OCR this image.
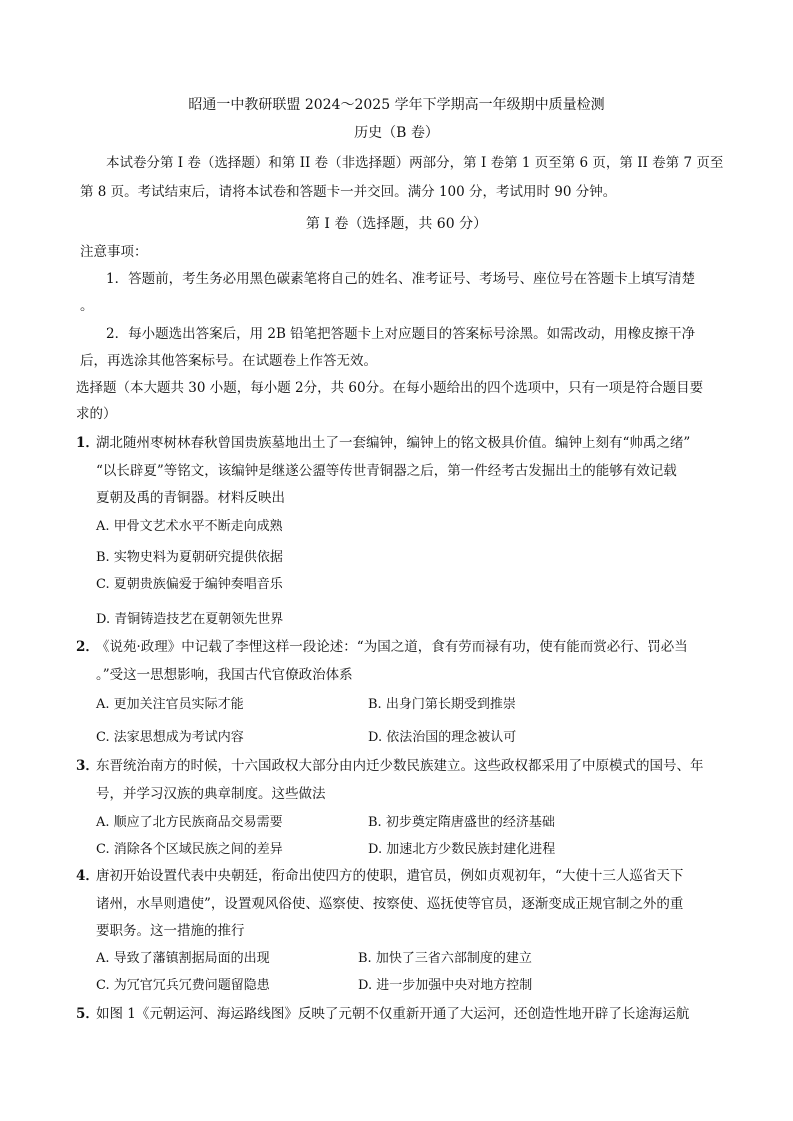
昭通一中教研联盟 2024～2025 学年下学期高一年级期中质量检测
历史（B 卷）
本试卷分第 I 卷（选择题）和第 II 卷（非选择题）两部分，第 I 卷第 1 页至第 6 页，第 II 卷第 7 页至
第 8 页。考试结束后，请将本试卷和答题卡一并交回。满分 100 分，考试用时 90 分钟。
第 I 卷（选择题，共 60 分）
注意事项：
1．答题前，考生务必用黑色碳素笔将自己的姓名、准考证号、考场号、座位号在答题卡上填写清楚
。
2．每小题选出答案后，用 2B 铅笔把答题卡上对应题目的答案标号涂黑。如需改动，用橡皮擦干净
后，再选涂其他答案标号。在试题卷上作答无效。
选择题（本大题共 30 小题，每小题 2分，共 60分。在每小题给出的四个选项中，只有一项是符合题目要
求的）
1．
湖北随州枣树林春秋曾国贵族墓地出土了一套编钟，编钟上的铭文极具价值。编钟上刻有“帅禹之绪”
“以长辟夏”等铭文，该编钟是继遂公盨等传世青铜器之后，第一件经考古发掘出土的能够有效记载
夏朝及禹的青铜器。材料反映出
A. 甲骨文艺术水平不断走向成熟
B. 实物史料为夏朝研究提供依据
C. 夏朝贵族偏爱于编钟奏唱音乐
D. 青铜铸造技艺在夏朝领先世界
2．
《说苑·政理》中记载了李悝这样一段论述：“为国之道，食有劳而禄有功，使有能而赏必行、罚必当
。”受这一思想影响，我国古代官僚政治体系
A. 更加关注官员实际才能	B. 出身门第长期受到推崇
C. 法家思想成为考试内容	D. 依法治国的理念被认可
3．
东晋统治南方的时候，十六国政权大部分由内迁少数民族建立。这些政权都采用了中原模式的国号、年
号，并学习汉族的典章制度。这些做法
A. 顺应了北方民族商品交易需要	B. 初步奠定隋唐盛世的经济基础
C. 消除各个区域民族之间的差异	D. 加速北方少数民族封建化进程
4．
唐初开始设置代表中央朝廷，衔命出使四方的使职，遣官员，例如贞观初年，“大使十三人巡省天下
诸州，水旱则遣使”，设置观风俗使、巡察使、按察使、巡抚使等官员，逐渐变成正规官制之外的重
要职务。这一措施的推行
A. 导致了藩镇割据局面的出现	B. 加快了三省六部制度的建立
C. 为冗官冗兵冗费问题留隐患	D. 进一步加强中央对地方控制
5．
如图 1《元朝运河、海运路线图》反映了元朝不仅重新开通了大运河，还创造性地开辟了长途海运航
